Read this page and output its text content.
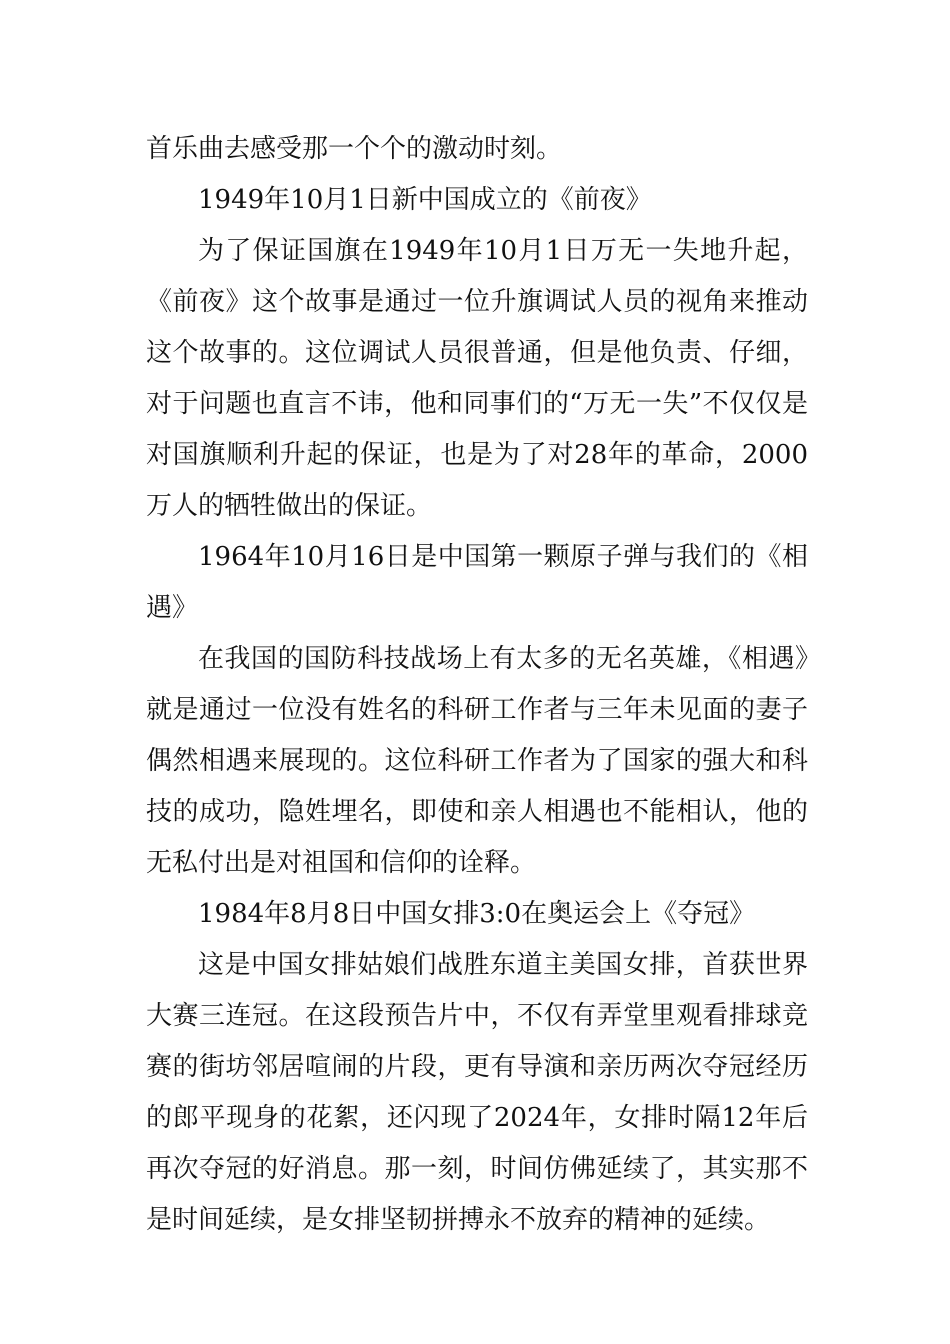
首乐曲去感受那一个个的激动时刻。

1949年10月1日新中国成立的《前夜》

为了保证国旗在1949年10月1日万无一失地升起，《前夜》这个故事是通过一位升旗调试人员的视角来推动这个故事的。这位调试人员很普通，但是他负责、仔细，对于问题也直言不讳，他和同事们的“万无一失”不仅仅是对国旗顺利升起的保证，也是为了对28年的革命，2000万人的牺牲做出的保证。

1964年10月16日是中国第一颗原子弹与我们的《相遇》

在我国的国防科技战场上有太多的无名英雄，《相遇》就是通过一位没有姓名的科研工作者与三年未见面的妻子偶然相遇来展现的。这位科研工作者为了国家的强大和科技的成功，隐姓埋名，即使和亲人相遇也不能相认，他的无私付出是对祖国和信仰的诠释。

1984年8月8日中国女排3:0在奥运会上《夺冠》

这是中国女排姑娘们战胜东道主美国女排，首获世界大赛三连冠。在这段预告片中，不仅有弄堂里观看排球竞赛的街坊邻居喧闹的片段，更有导演和亲历两次夺冠经历的郎平现身的花絮，还闪现了2024年，女排时隔12年后再次夺冠的好消息。那一刻，时间仿佛延续了，其实那不是时间延续，是女排坚韧拼搏永不放弃的精神的延续。
